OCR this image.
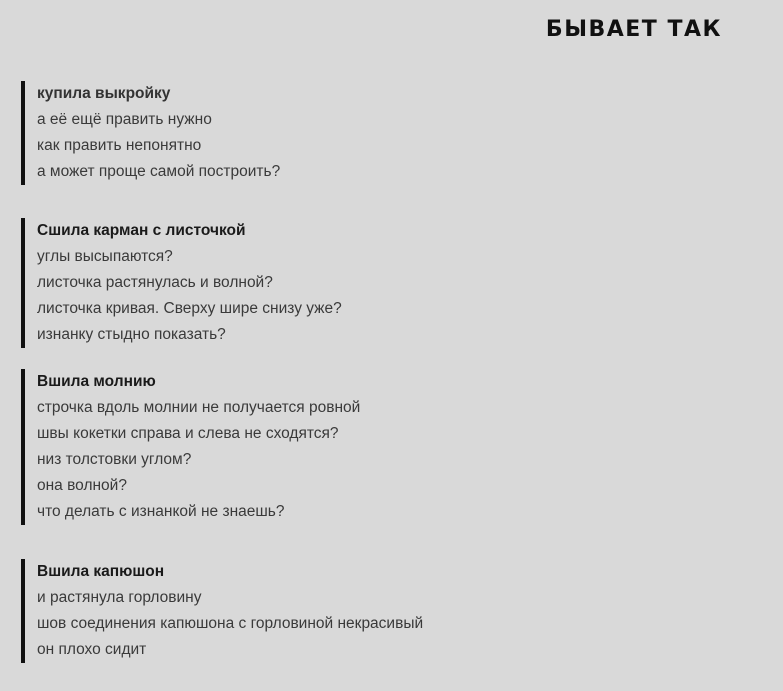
БЫВАЕТ ТАК
купила выкройку
а её ещё править нужно
как править непонятно
а может проще самой построить?
Сшила карман с листочкой
углы высыпаются?
листочка растянулась и волной?
листочка кривая. Сверху шире снизу уже?
изнанку стыдно показать?
Вшила молнию
строчка вдоль молнии не получается ровной
швы кокетки справа и слева не сходятся?
низ толстовки углом?
она волной?
что делать с изнанкой не знаешь?
Вшила капюшон
и растянула горловину
шов соединения капюшона с горловиной некрасивый
он плохо сидит
